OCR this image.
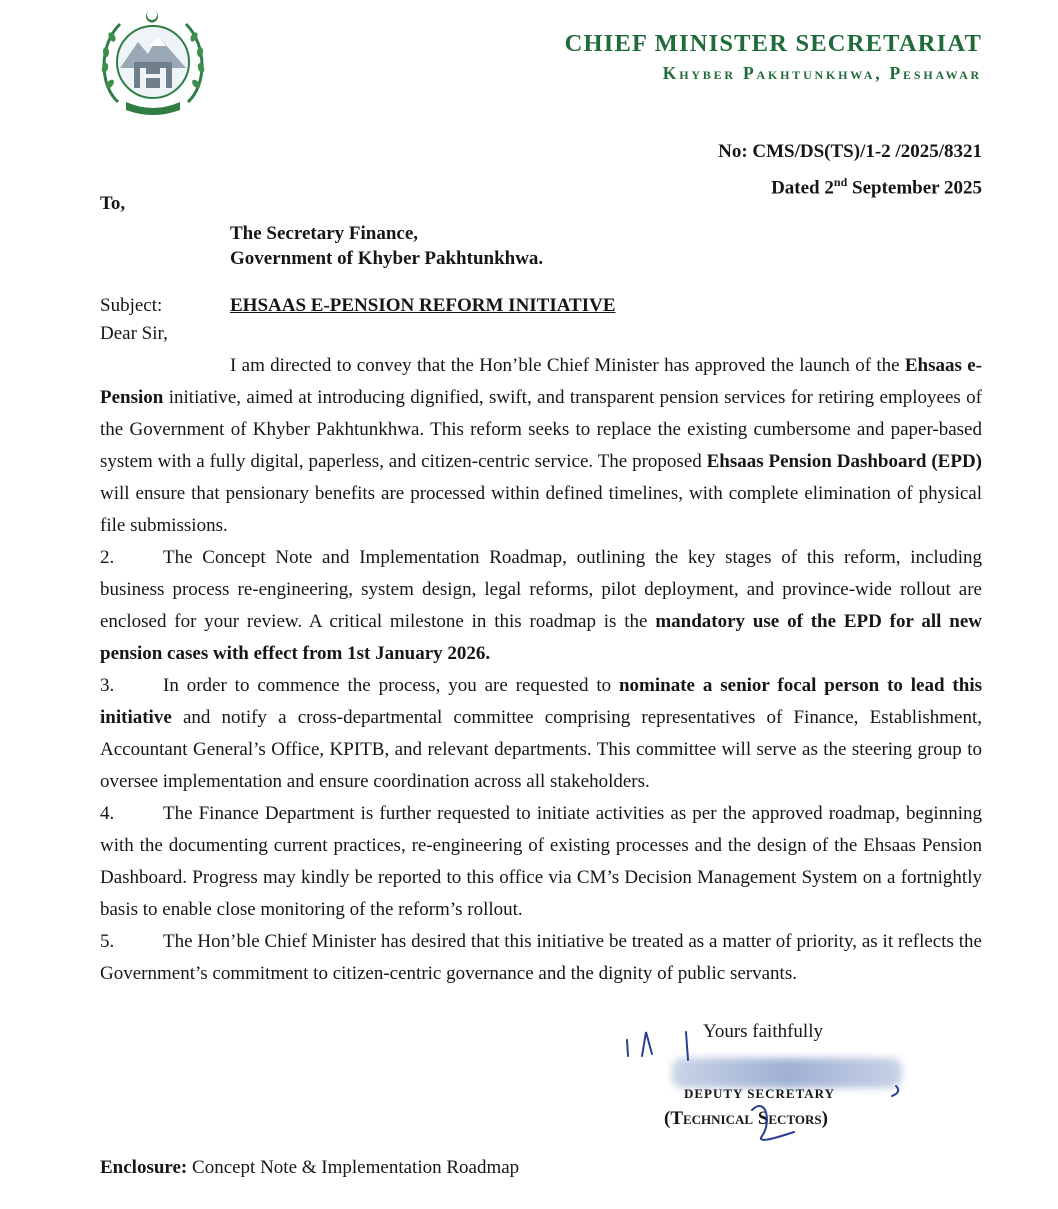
CHIEF MINISTER SECRETARIAT
Khyber Pakhtunkhwa, Peshawar
No: CMS/DS(TS)/1-2 /2025/8321
Dated 2nd September 2025
To,
The Secretary Finance,
Government of Khyber Pakhtunkhwa.
Subject:	EHSAAS E-PENSION REFORM INITIATIVE
Dear Sir,

I am directed to convey that the Hon’ble Chief Minister has approved the launch of the Ehsaas e-Pension initiative, aimed at introducing dignified, swift, and transparent pension services for retiring employees of the Government of Khyber Pakhtunkhwa. This reform seeks to replace the existing cumbersome and paper-based system with a fully digital, paperless, and citizen-centric service. The proposed Ehsaas Pension Dashboard (EPD) will ensure that pensionary benefits are processed within defined timelines, with complete elimination of physical file submissions.

2.	The Concept Note and Implementation Roadmap, outlining the key stages of this reform, including business process re-engineering, system design, legal reforms, pilot deployment, and province-wide rollout are enclosed for your review. A critical milestone in this roadmap is the mandatory use of the EPD for all new pension cases with effect from 1st January 2026.

3.	In order to commence the process, you are requested to nominate a senior focal person to lead this initiative and notify a cross-departmental committee comprising representatives of Finance, Establishment, Accountant General’s Office, KPITB, and relevant departments. This committee will serve as the steering group to oversee implementation and ensure coordination across all stakeholders.

4.	The Finance Department is further requested to initiate activities as per the approved roadmap, beginning with the documenting current practices, re-engineering of existing processes and the design of the Ehsaas Pension Dashboard. Progress may kindly be reported to this office via CM’s Decision Management System on a fortnightly basis to enable close monitoring of the reform’s rollout.

5.	The Hon’ble Chief Minister has desired that this initiative be treated as a matter of priority, as it reflects the Government’s commitment to citizen-centric governance and the dignity of public servants.

Yours faithfully
DEPUTY SECRETARY
(Technical Sectors)
Enclosure: Concept Note & Implementation Roadmap
